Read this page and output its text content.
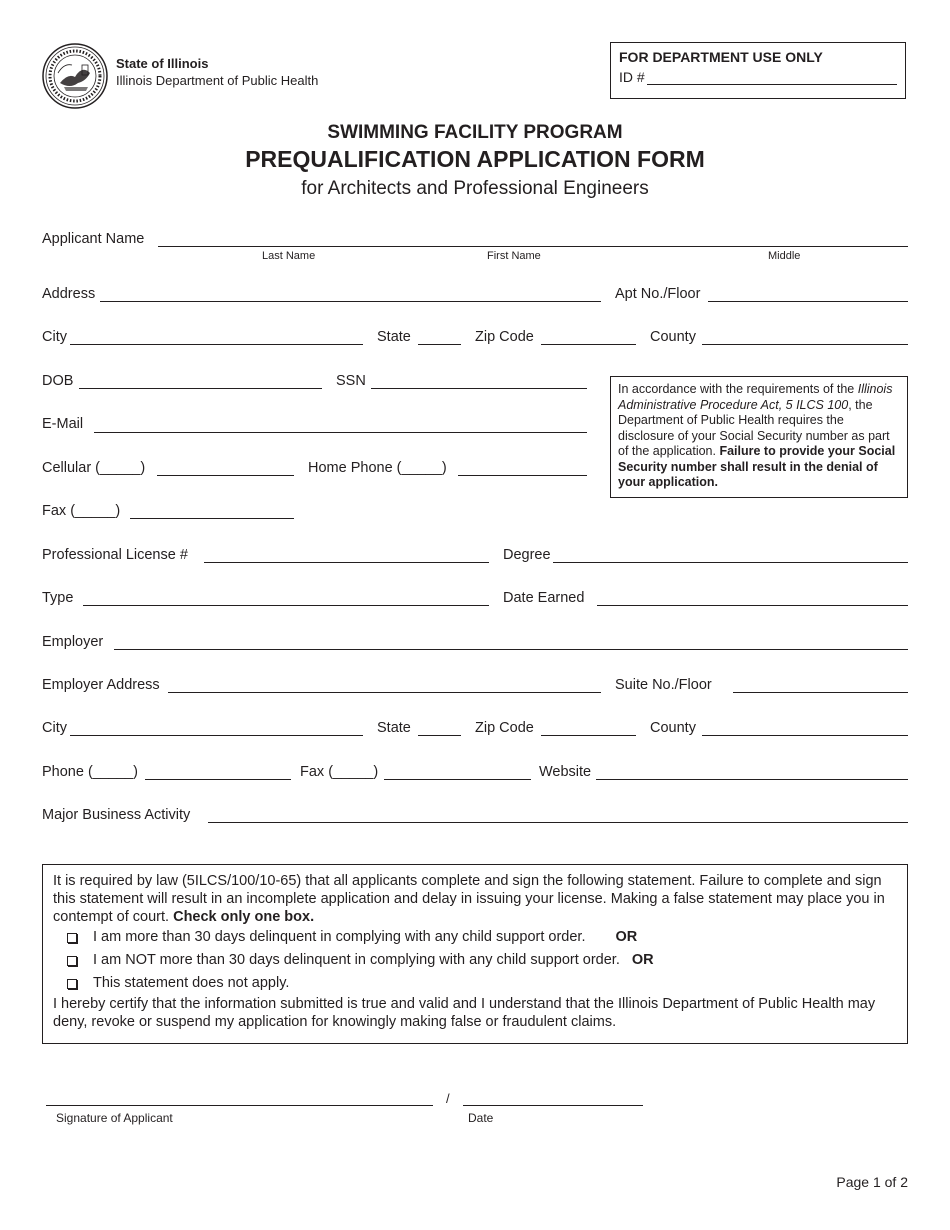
State of Illinois
Illinois Department of Public Health
FOR DEPARTMENT USE ONLY
ID #
SWIMMING FACILITY PROGRAM
PREQUALIFICATION APPLICATION FORM
for Architects and Professional Engineers
Applicant Name
Last Name	First Name	Middle
Address	Apt No./Floor
City	State	Zip Code	County
DOB	SSN	In accordance with the requirements of the Illinois Administrative Procedure Act, 5 ILCS 100, the Department of Public Health requires the disclosure of your Social Security number as part of the application. Failure to provide your Social Security number shall result in the denial of your application.
E-Mail
Cellular (_____)	Home Phone (_____)
Fax (_____)
Professional License #	Degree
Type	Date Earned
Employer
Employer Address	Suite No./Floor
City	State	Zip Code	County
Phone (_____)	Fax (_____)	Website
Major Business Activity
It is required by law (5ILCS/100/10-65) that all applicants complete and sign the following statement. Failure to complete and sign this statement will result in an incomplete application and delay in issuing your license. Making a false statement may place you in contempt of court. Check only one box.
I am more than 30 days delinquent in complying with any child support order. OR
I am NOT more than 30 days delinquent in complying with any child support order. OR
This statement does not apply.
I hereby certify that the information submitted is true and valid and I understand that the Illinois Department of Public Health may deny, revoke or suspend my application for knowingly making false or fraudulent claims.
/
Signature of Applicant	Date
Page 1 of 2
